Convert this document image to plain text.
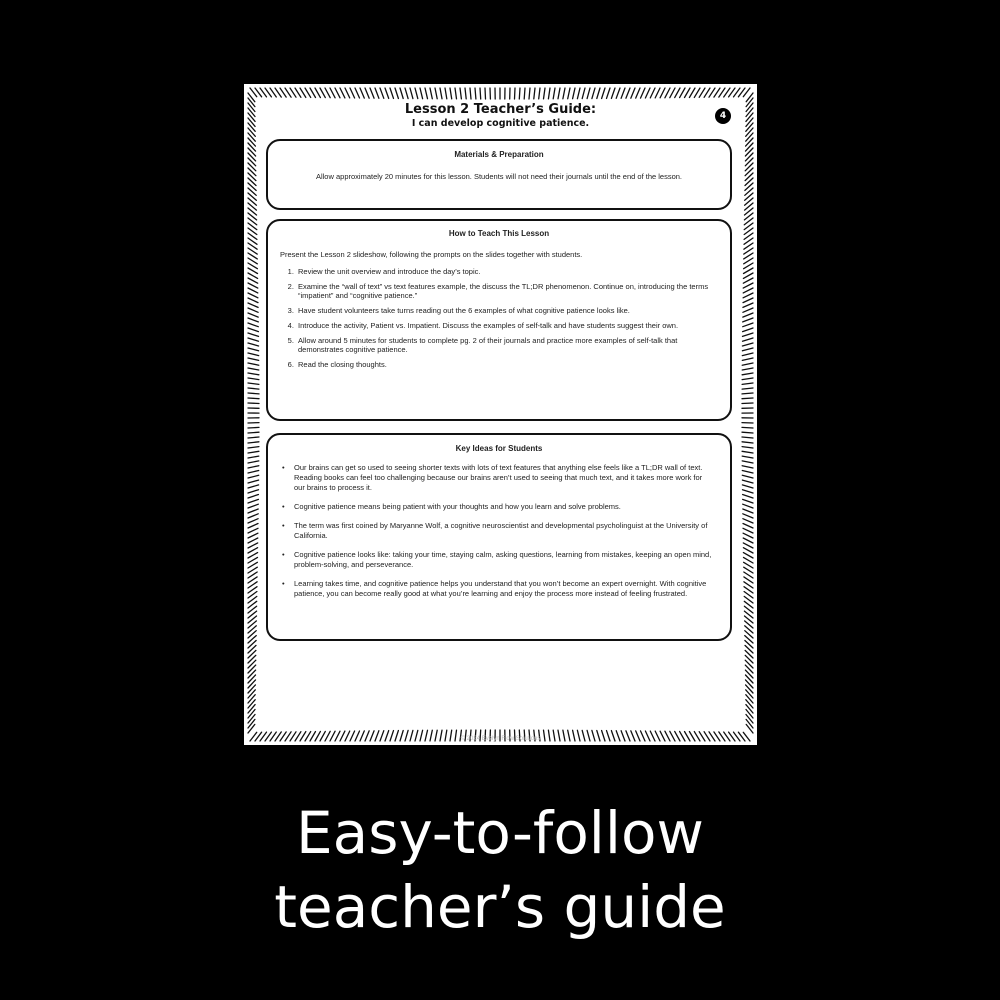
Lesson 2 Teacher’s Guide:
I can develop cognitive patience.
4
Materials & Preparation

Allow approximately 20 minutes for this lesson. Students will not need their journals until the end of the lesson.

How to Teach This Lesson

Present the Lesson 2 slideshow, following the prompts on the slides together with students.

1. Review the unit overview and introduce the day’s topic.
2. Examine the “wall of text” vs text features example, the discuss the TL;DR phenomenon. Continue on, introducing the terms “impatient” and “cognitive patience.”
3. Have student volunteers take turns reading out the 6 examples of what cognitive patience looks like.
4. Introduce the activity, Patient vs. Impatient. Discuss the examples of self-talk and have students suggest their own.
5. Allow around 5 minutes for students to complete pg. 2 of their journals and practice more examples of self-talk that demonstrates cognitive patience.
6. Read the closing thoughts.
Key Ideas for Students
• Our brains can get so used to seeing shorter texts with lots of text features that anything else feels like a TL;DR wall of text. Reading books can feel too challenging because our brains aren’t used to seeing that much text, and it takes more work for our brains to process it.
• Cognitive patience means being patient with your thoughts and how you learn and solve problems.
• The term was first coined by Maryanne Wolf, a cognitive neuroscientist and developmental psycholinguist at the University of California.
• Cognitive patience looks like: taking your time, staying calm, asking questions, learning from mistakes, keeping an open mind, problem-solving, and perseverance.
• Learning takes time, and cognitive patience helps you understand that you won’t become an expert overnight. With cognitive patience, you can become really good at what you’re learning and enjoy the process more instead of feeling frustrated.
© 2024 Evelyn Flow Solutions
Easy-to-follow
teacher’s guide
